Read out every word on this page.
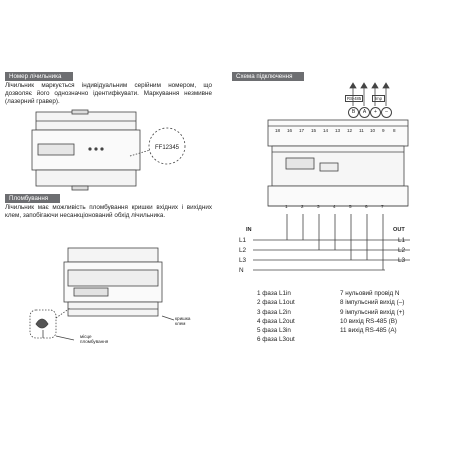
Номер лічильника
Лічильник маркується індивідуальним серійним номером, що дозволяє його однозначно ідентифікувати. Маркування незмивне (лазерний гравер).
FF12345
Пломбування
Лічильник має можливість пломбування кришки вхідних і вихідних клем, запобігаючи несанкціонований обхід лічильника.
кришка клем
місце пломбування
Схема підключення
RS-485	Imp
B	A	+	–
18 16 17 15 14 13 12 11 10 9 8
1	2	3	4	5	6	7
IN	OUT
L1
L2
L3
N
L1
L2
L3
1 фаза L1in
2 фаза L1out
3 фаза L2in
4 фаза L2out
5 фаза L3in
6 фаза L3out
7 нульовий провід N
8 імпульсний вихід (–)
9 імпульсний вихід (+)
10 вихід RS-485 (B)
11 вихід RS-485 (A)
